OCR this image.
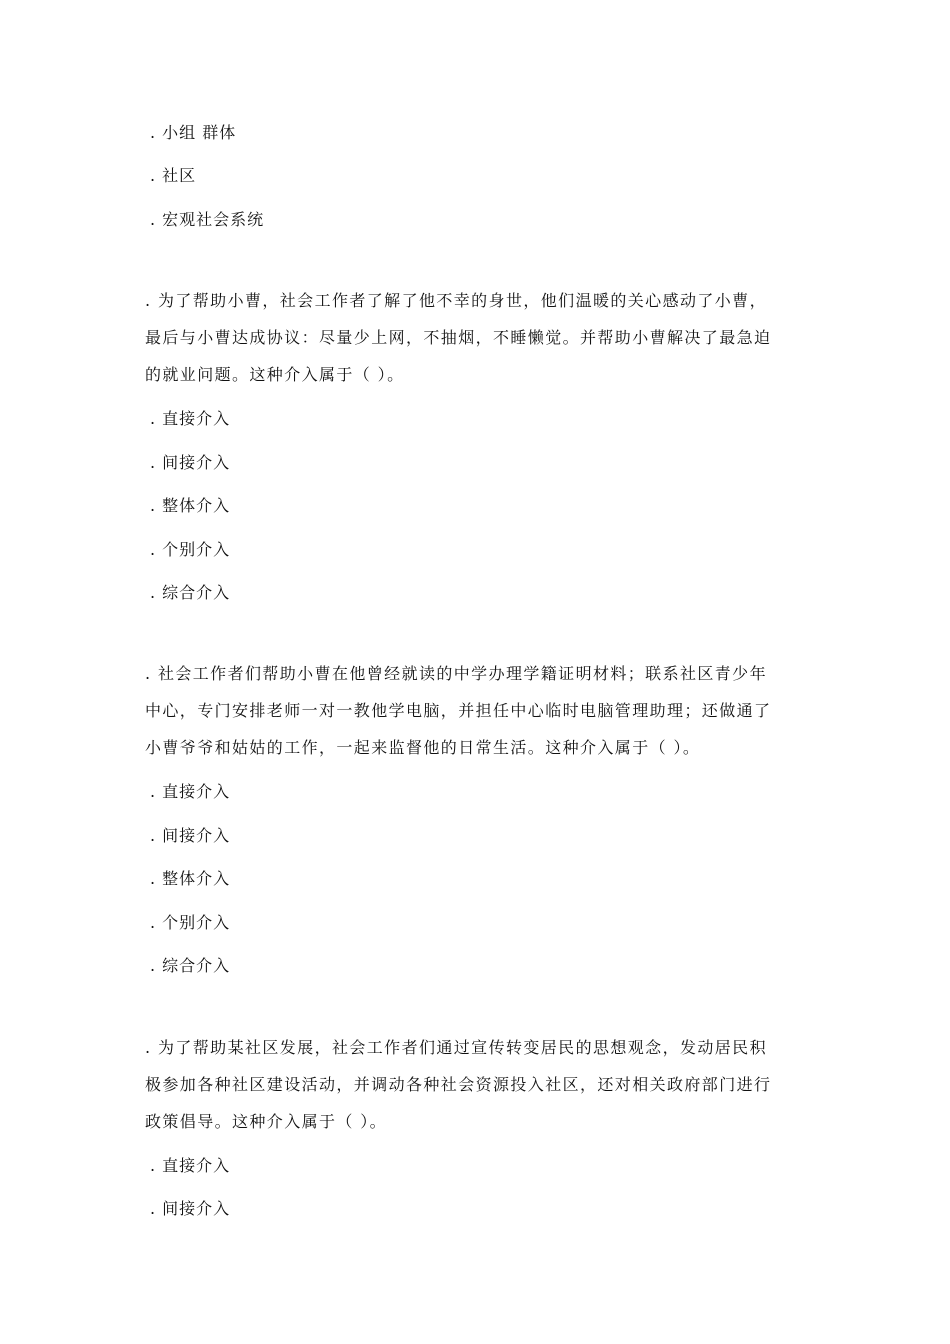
. 小组 群体
. 社区
. 宏观社会系统
. 为了帮助小曹，社会工作者了解了他不幸的身世，他们温暖的关心感动了小曹，
最后与小曹达成协议：尽量少上网，不抽烟，不睡懒觉。并帮助小曹解决了最急迫
的就业问题。这种介入属于（ ）。
. 直接介入
. 间接介入
. 整体介入
. 个别介入
. 综合介入
. 社会工作者们帮助小曹在他曾经就读的中学办理学籍证明材料；联系社区青少年
中心，专门安排老师一对一教他学电脑，并担任中心临时电脑管理助理；还做通了
小曹爷爷和姑姑的工作，一起来监督他的日常生活。这种介入属于（ ）。
. 直接介入
. 间接介入
. 整体介入
. 个别介入
. 综合介入
. 为了帮助某社区发展，社会工作者们通过宣传转变居民的思想观念，发动居民积
极参加各种社区建设活动，并调动各种社会资源投入社区，还对相关政府部门进行
政策倡导。这种介入属于（ ）。
. 直接介入
. 间接介入
